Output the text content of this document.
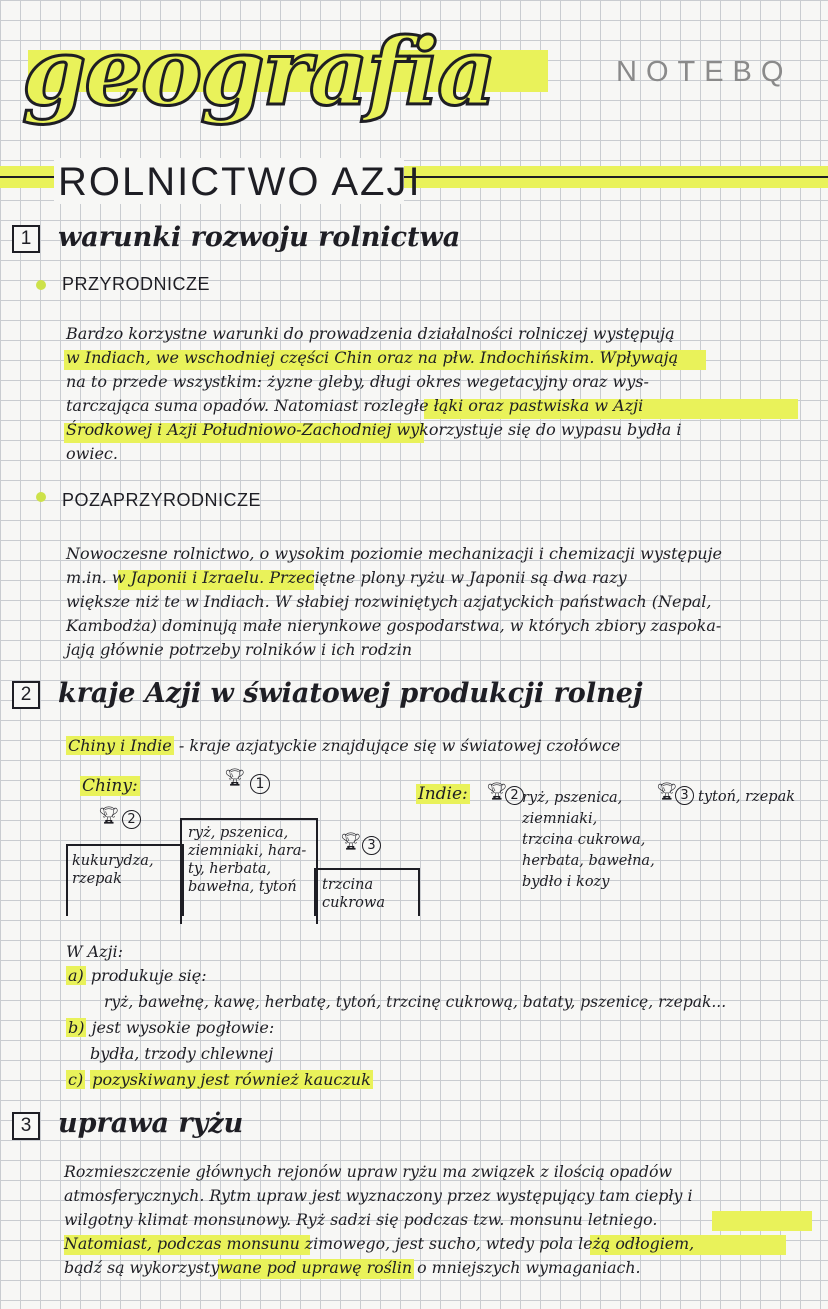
geografia	NOTEBQ
ROLNICTWO AZJI
1 warunki rozwoju rolnictwa
PRZYRODNICZE
Bardzo korzystne warunki do prowadzenia działalności rolniczej występują
w Indiach, we wschodniej części Chin oraz na płw. Indochińskim. Wpływają
na to przede wszystkim: żyzne gleby, długi okres wegetacyjny oraz wys-
tarczająca suma opadów. Natomiast rozległe łąki oraz pastwiska w Azji
Środkowej i Azji Południowo-Zachodniej wykorzystuje się do wypasu bydła i
owiec.
POZAPRZYRODNICZE
Nowoczesne rolnictwo, o wysokim poziomie mechanizacji i chemizacji występuje
m.in. w Japonii i Izraelu. Przeciętne plony ryżu w Japonii są dwa razy
większe niż te w Indiach. W słabiej rozwiniętych azjatyckich państwach (Nepal,
Kambodża) dominują małe nierynkowe gospodarstwa, w których zbiory zaspoka-
jają głównie potrzeby rolników i ich rodzin
2 kraje Azji w światowej produkcji rolnej
Chiny i Indie - kraje azjatyckie znajdujące się w światowej czołówce
Chiny:	🏆︎ 1
🏆︎ 2
🏆︎ 3
ryż, pszenica,
ziemniaki, hara-
ty, herbata,
bawełna, tytoń
kukurydza,
rzepak	trzcina
cukrowa
Indie: 🏆︎ 2 ryż, pszenica,
ziemniaki,
trzcina cukrowa,
herbata, bawełna,
bydło i kozy
🏆︎ 3 tytoń, rzepak
W Azji:
a) produkuje się:
ryż, bawełnę, kawę, herbatę, tytoń, trzcinę cukrową, bataty, pszenicę, rzepak...
b) jest wysokie pogłowie:
bydła, trzody chlewnej
c) pozyskiwany jest również kauczuk
3 uprawa ryżu
Rozmieszczenie głównych rejonów upraw ryżu ma związek z ilością opadów
atmosferycznych. Rytm upraw jest wyznaczony przez występujący tam ciepły i
wilgotny klimat monsunowy. Ryż sadzi się podczas tzw. monsunu letniego.
Natomiast, podczas monsunu zimowego, jest sucho, wtedy pola leżą odłogiem,
bądź są wykorzystywane pod uprawę roślin o mniejszych wymaganiach.
